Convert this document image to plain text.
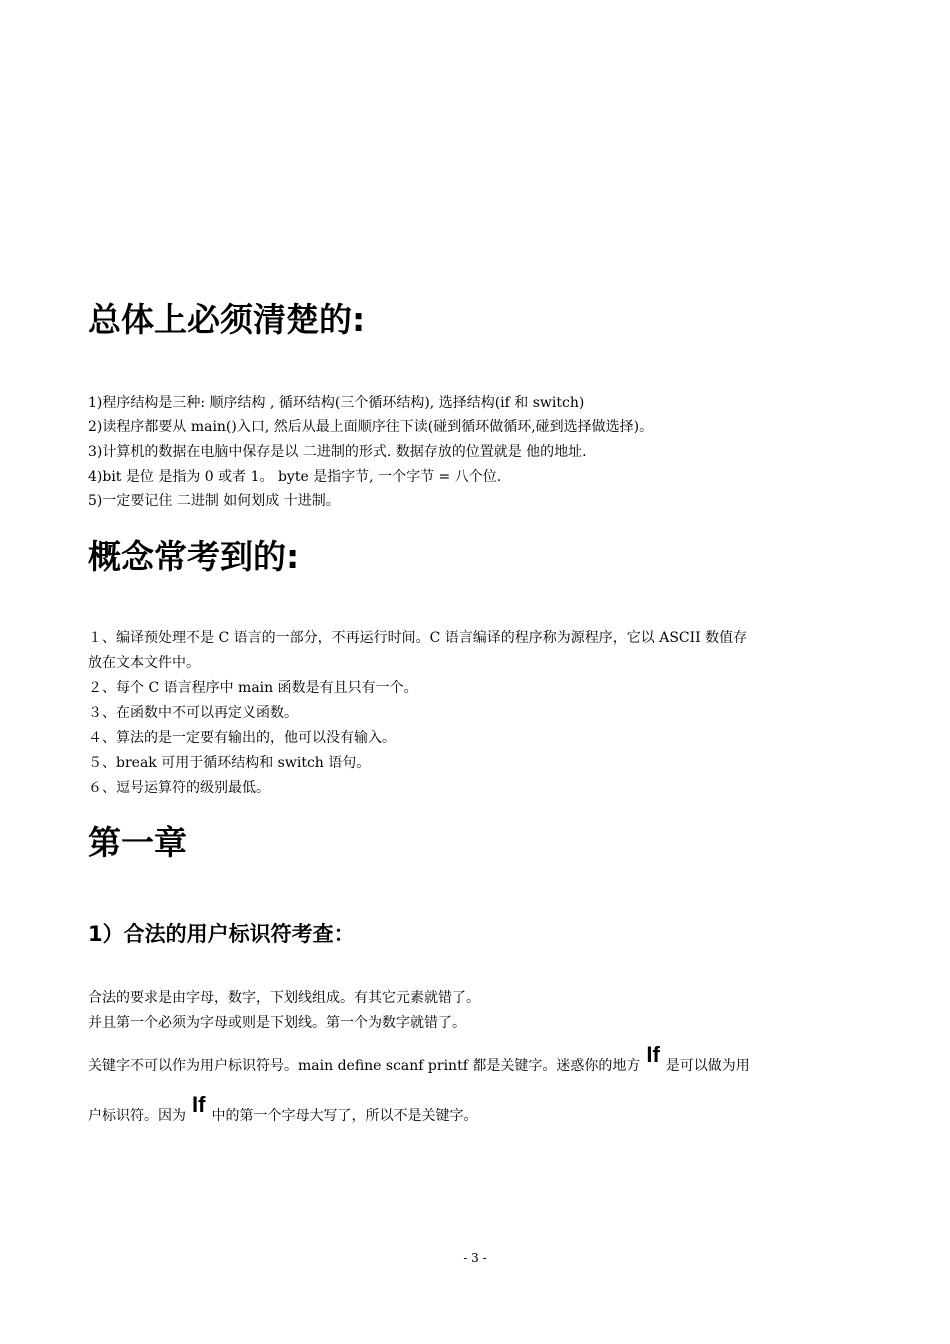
总体上必须清楚的:

1)程序结构是三种: 顺序结构 , 循环结构(三个循环结构), 选择结构(if 和 switch)

2)读程序都要从 main()入口, 然后从最上面顺序往下读(碰到循环做循环,碰到选择做选择)。

3)计算机的数据在电脑中保存是以 二进制的形式. 数据存放的位置就是 他的地址.

4)bit 是位 是指为 0 或者 1。 byte 是指字节, 一个字节 = 八个位.

5)一定要记住 二进制 如何划成 十进制。

概念常考到的:

１、编译预处理不是 C 语言的一部分，不再运行时间。C 语言编译的程序称为源程序，它以 ASCII 数值存

放在文本文件中。

２、每个 C 语言程序中 main 函数是有且只有一个。

３、在函数中不可以再定义函数。

４、算法的是一定要有输出的，他可以没有输入。

５、break 可用于循环结构和 switch 语句。

６、逗号运算符的级别最低。

第一章
1）合法的用户标识符考查：

合法的要求是由字母，数字，下划线组成。有其它元素就错了。

并且第一个必须为字母或则是下划线。第一个为数字就错了。

关键字不可以作为用户标识符号。main define scanf printf 都是关键字。迷惑你的地方 If 是可以做为用

户标识符。因为 If 中的第一个字母大写了，所以不是关键字。

- 3 -
